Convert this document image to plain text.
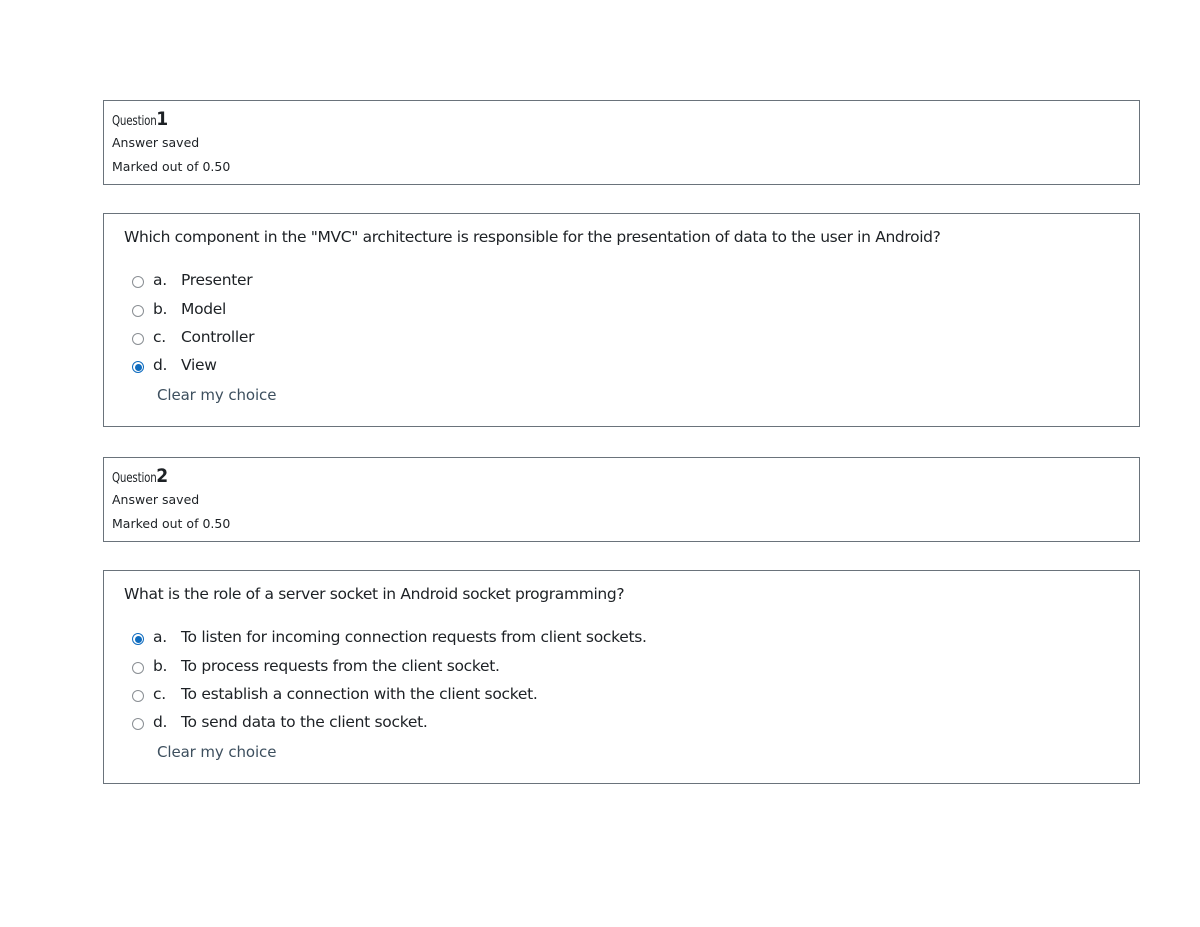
Question 1
Answer saved
Marked out of 0.50
Which component in the "MVC" architecture is responsible for the presentation of data to the user in Android?
a. Presenter
b. Model
c. Controller
d. View
Clear my choice
Question 2
Answer saved
Marked out of 0.50
What is the role of a server socket in Android socket programming?
a. To listen for incoming connection requests from client sockets.
b. To process requests from the client socket.
c. To establish a connection with the client socket.
d. To send data to the client socket.
Clear my choice
